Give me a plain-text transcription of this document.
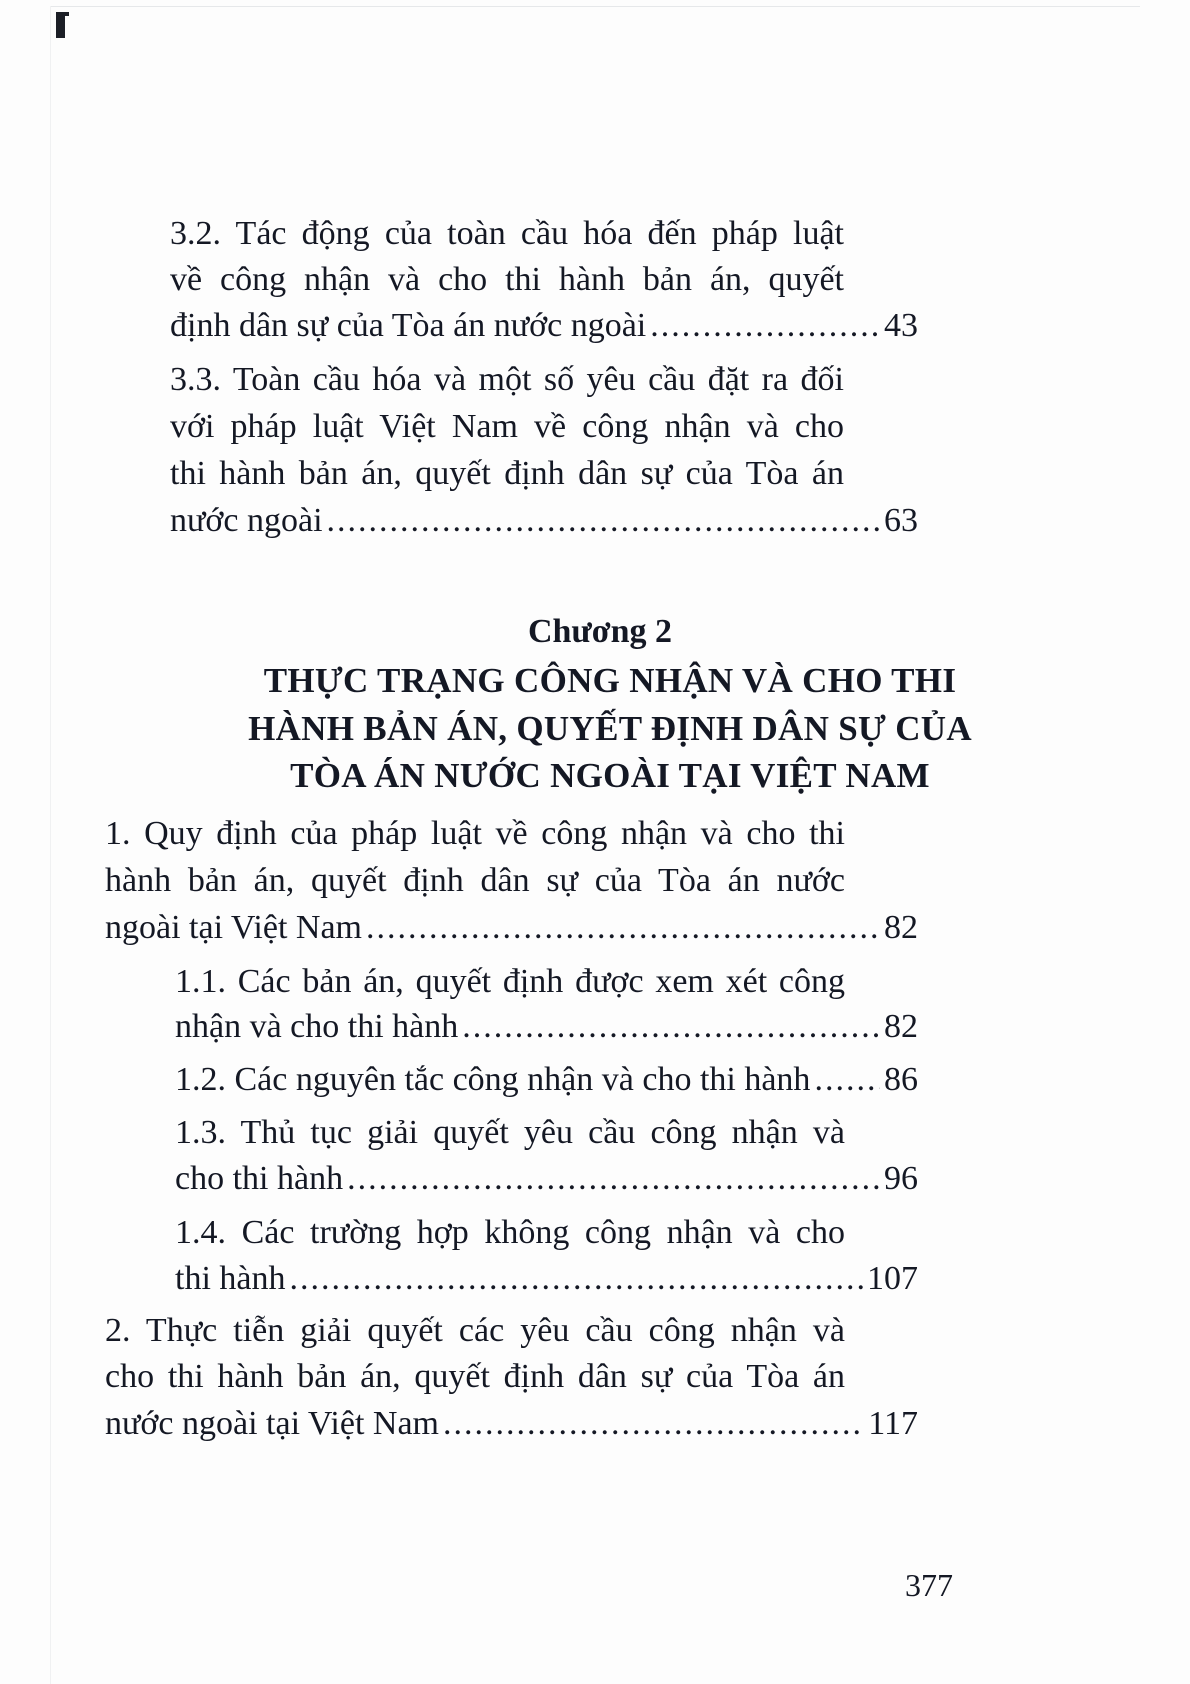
3.2. Tác động của toàn cầu hóa đến pháp luật
về công nhận và cho thi hành bản án, quyết
định dân sự của Tòa án nước ngoài .....	43
3.3. Toàn cầu hóa và một số yêu cầu đặt ra đối
với pháp luật Việt Nam về công nhận và cho
thi hành bản án, quyết định dân sự của Tòa án
nước ngoài .....	63
Chương 2
THỰC TRẠNG CÔNG NHẬN VÀ CHO THI
HÀNH BẢN ÁN, QUYẾT ĐỊNH DÂN SỰ CỦA
TÒA ÁN NƯỚC NGOÀI TẠI VIỆT NAM
1. Quy định của pháp luật về công nhận và cho thi
hành bản án, quyết định dân sự của Tòa án nước
ngoài tại Việt Nam .....	82
1.1. Các bản án, quyết định được xem xét công
nhận và cho thi hành .....	82
1.2. Các nguyên tắc công nhận và cho thi hành ..... 86
1.3. Thủ tục giải quyết yêu cầu công nhận và
cho thi hành .....	96
1.4. Các trường hợp không công nhận và cho
thi hành .....	107
2. Thực tiễn giải quyết các yêu cầu công nhận và
cho thi hành bản án, quyết định dân sự của Tòa án
nước ngoài tại Việt Nam .....	117
377
